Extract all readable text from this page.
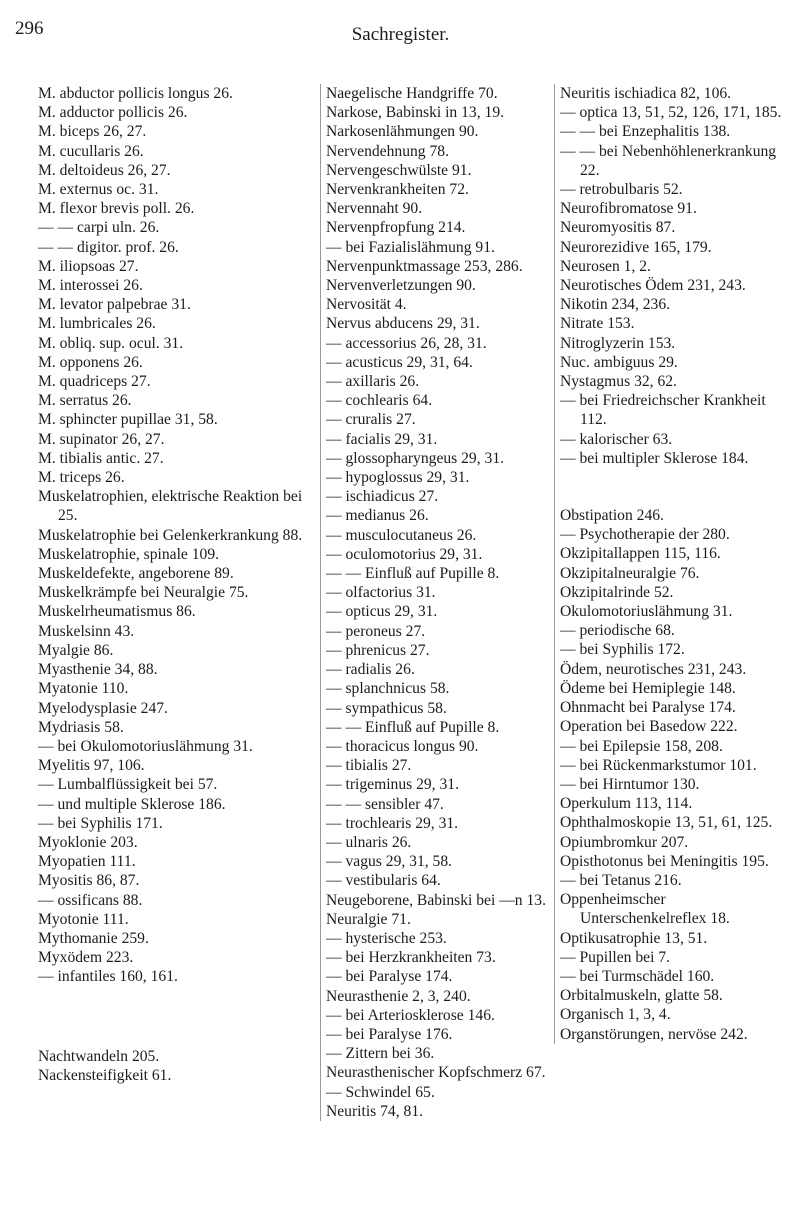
296	Sachregister.
M. abductor pollicis longus 26.
M. adductor pollicis 26.
M. biceps 26, 27.
M. cucullaris 26.
M. deltoideus 26, 27.
M. externus oc. 31.
M. flexor brevis poll. 26.
— — carpi uln. 26.
— — digitor. prof. 26.
M. iliopsoas 27.
M. interossei 26.
M. levator palpebrae 31.
M. lumbricales 26.
M. obliq. sup. ocul. 31.
M. opponens 26.
M. quadriceps 27.
M. serratus 26.
M. sphincter pupillae 31, 58.
M. supinator 26, 27.
M. tibialis antic. 27.
M. triceps 26.
Muskelatrophien, elektrische Reaktion bei 25.
Muskelatrophie bei Gelenkerkrankung 88.
Muskelatrophie, spinale 109.
Muskeldefekte, angeborene 89.
Muskelkrämpfe bei Neuralgie 75.
Muskelrheumatismus 86.
Muskelsinn 43.
Myalgie 86.
Myasthenie 34, 88.
Myatonie 110.
Myelodysplasie 247.
Mydriasis 58.
— bei Okulomotoriuslähmung 31.
Myelitis 97, 106.
— Lumbalflüssigkeit bei 57.
— und multiple Sklerose 186.
— bei Syphilis 171.
Myoklonie 203.
Myopatien 111.
Myositis 86, 87.
— ossificans 88.
Myotonie 111.
Mythomanie 259.
Myxödem 223.
— infantiles 160, 161.
Nachtwandeln 205.
Nackensteifigkeit 61.
Naegelische Handgriffe 70.
Narkose, Babinski in 13, 19.
Narkosenlähmungen 90.
Nervendehnung 78.
Nervengeschwülste 91.
Nervenkrankheiten 72.
Nervennaht 90.
Nervenpfropfung 214.
— bei Fazialislähmung 91.
Nervenpunktmassage 253, 286.
Nervenverletzungen 90.
Nervosität 4.
Nervus abducens 29, 31.
— accessorius 26, 28, 31.
— acusticus 29, 31, 64.
— axillaris 26.
— cochlearis 64.
— cruralis 27.
— facialis 29, 31.
— glossopharyngeus 29, 31.
— hypoglossus 29, 31.
— ischiadicus 27.
— medianus 26.
— musculocutaneus 26.
— oculomotorius 29, 31.
— — Einfluß auf Pupille 8.
— olfactorius 31.
— opticus 29, 31.
— peroneus 27.
— phrenicus 27.
— radialis 26.
— splanchnicus 58.
— sympathicus 58.
— — Einfluß auf Pupille 8.
— thoracicus longus 90.
— tibialis 27.
— trigeminus 29, 31.
— — sensibler 47.
— trochlearis 29, 31.
— ulnaris 26.
— vagus 29, 31, 58.
— vestibularis 64.
Neugeborene, Babinski bei —n 13.
Neuralgie 71.
— hysterische 253.
— bei Herzkrankheiten 73.
— bei Paralyse 174.
Neurasthenie 2, 3, 240.
— bei Arteriosklerose 146.
— bei Paralyse 176.
— Zittern bei 36.
Neurasthenischer Kopfschmerz 67.
— Schwindel 65.
Neuritis 74, 81.
Neuritis ischiadica 82, 106.
— optica 13, 51, 52, 126, 171, 185.
— — bei Enzephalitis 138.
— — bei Nebenhöhlenerkrankung 22.
— retrobulbaris 52.
Neurofibromatose 91.
Neuromyositis 87.
Neurorezidive 165, 179.
Neurosen 1, 2.
Neurotisches Ödem 231, 243.
Nikotin 234, 236.
Nitrate 153.
Nitroglyzerin 153.
Nuc. ambiguus 29.
Nystagmus 32, 62.
— bei Friedreichscher Krankheit 112.
— kalorischer 63.
— bei multipler Sklerose 184.
Obstipation 246.
— Psychotherapie der 280.
Okzipitallappen 115, 116.
Okzipitalneuralgie 76.
Okzipitalrinde 52.
Okulomotoriuslähmung 31.
— periodische 68.
— bei Syphilis 172.
Ödem, neurotisches 231, 243.
Ödeme bei Hemiplegie 148.
Ohnmacht bei Paralyse 174.
Operation bei Basedow 222.
— bei Epilepsie 158, 208.
— bei Rückenmarkstumor 101.
— bei Hirntumor 130.
Operkulum 113, 114.
Ophthalmoskopie 13, 51, 61, 125.
Opiumbromkur 207.
Opisthotonus bei Meningitis 195.
— bei Tetanus 216.
Oppenheimscher Unterschenkelreflex 18.
Optikusatrophie 13, 51.
— Pupillen bei 7.
— bei Turmschädel 160.
Orbitalmuskeln, glatte 58.
Organisch 1, 3, 4.
Organstörungen, nervöse 242.
